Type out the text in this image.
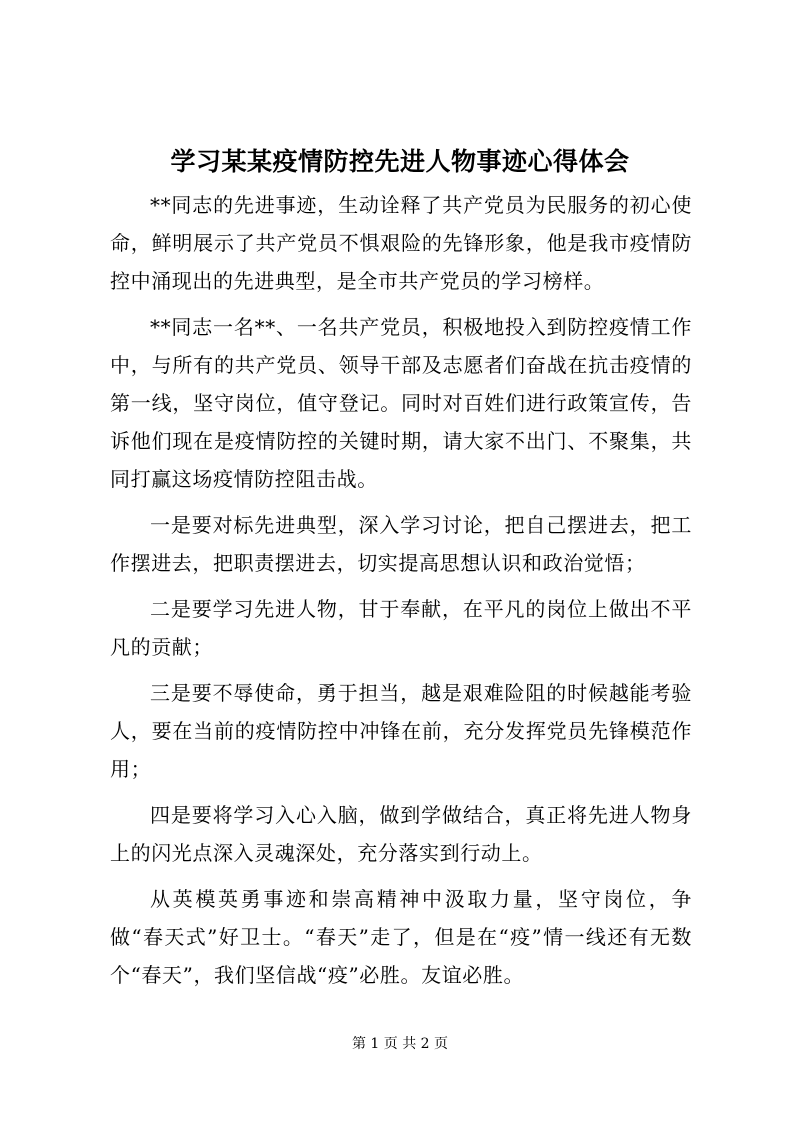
学习某某疫情防控先进人物事迹心得体会

**同志的先进事迹，生动诠释了共产党员为民服务的初心使命，鲜明展示了共产党员不惧艰险的先锋形象，他是我市疫情防控中涌现出的先进典型，是全市共产党员的学习榜样。

**同志一名**、一名共产党员，积极地投入到防控疫情工作中，与所有的共产党员、领导干部及志愿者们奋战在抗击疫情的第一线，坚守岗位，值守登记。同时对百姓们进行政策宣传，告诉他们现在是疫情防控的关键时期，请大家不出门、不聚集，共同打赢这场疫情防控阻击战。

一是要对标先进典型，深入学习讨论，把自己摆进去，把工作摆进去，把职责摆进去，切实提高思想认识和政治觉悟；

二是要学习先进人物，甘于奉献，在平凡的岗位上做出不平凡的贡献；

三是要不辱使命，勇于担当，越是艰难险阻的时候越能考验人，要在当前的疫情防控中冲锋在前，充分发挥党员先锋模范作用；

四是要将学习入心入脑，做到学做结合，真正将先进人物身上的闪光点深入灵魂深处，充分落实到行动上。

从英模英勇事迹和崇高精神中汲取力量，坚守岗位，争做“春天式”好卫士。“春天”走了，但是在“疫”情一线还有无数个“春天”，我们坚信战“疫”必胜。友谊必胜。

第 1 页 共 2 页
